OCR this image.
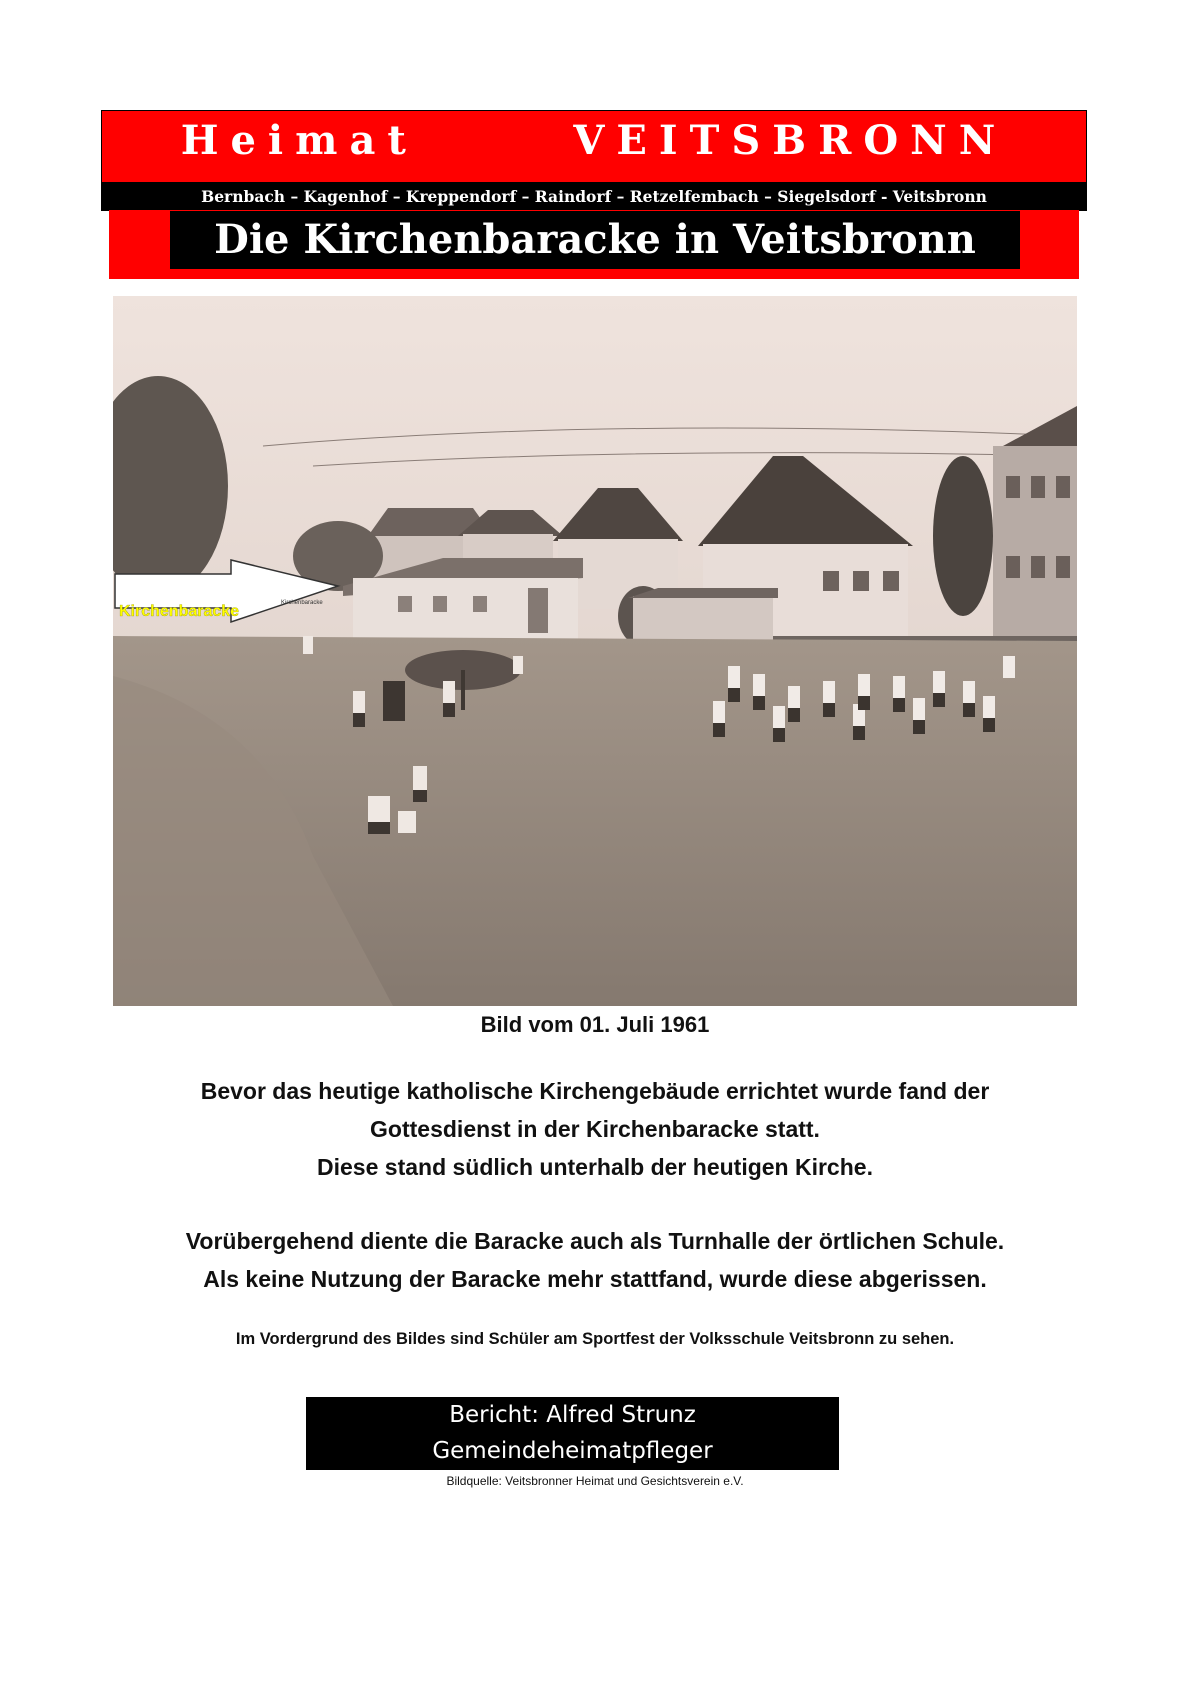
Heimat      VEITSBRONN
Bernbach – Kagenhof – Kreppendorf – Raindorf – Retzelfembach – Siegelsdorf - Veitsbronn
Die Kirchenbaracke in Veitsbronn
Kirchenbaracke	Kirchenbaracke
Bild vom 01. Juli 1961

Bevor das heutige katholische Kirchengebäude errichtet wurde fand der

Gottesdienst in der Kirchenbaracke statt.

Diese stand südlich unterhalb der heutigen Kirche.

Vorübergehend diente die Baracke auch als Turnhalle der örtlichen Schule.

Als keine Nutzung der Baracke mehr stattfand, wurde diese abgerissen.

Im Vordergrund des Bildes sind Schüler am Sportfest der Volksschule Veitsbronn zu sehen.
Bericht: Alfred Strunz
Gemeindeheimatpfleger
Bildquelle: Veitsbronner Heimat und Gesichtsverein e.V.
